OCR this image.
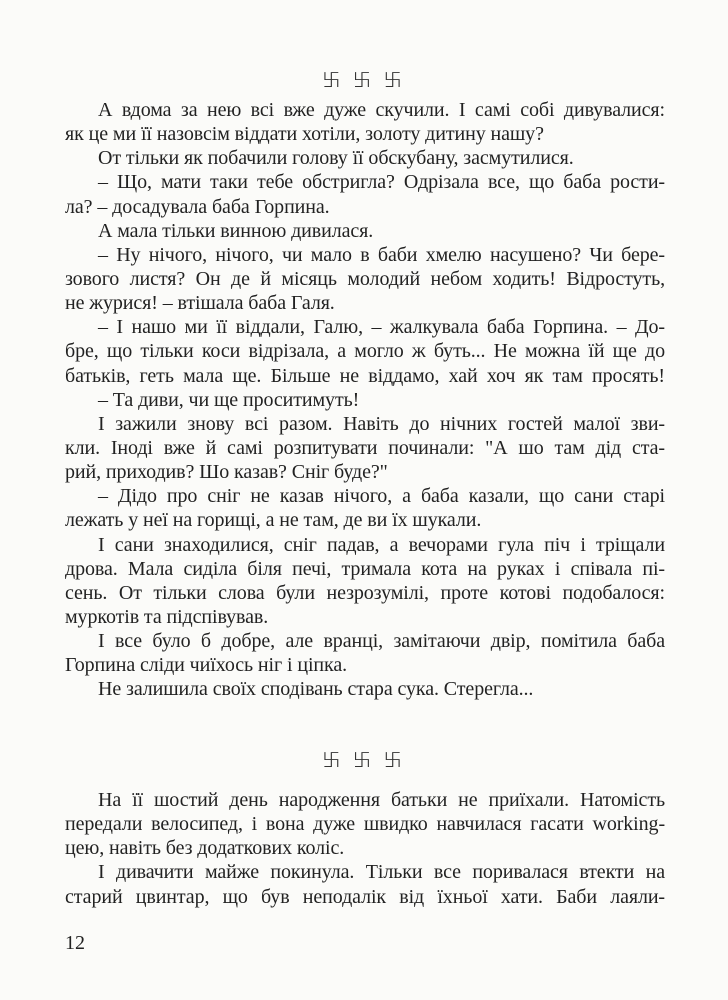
࿕ ࿕ ࿕
А вдома за нею всі вже дуже скучили. І самі собі дивувалися:
як це ми її назовсім віддати хотіли, золоту дитину нашу?
От тільки як побачили голову її обскубану, засмутилися.
– Що, мати таки тебе обстригла? Одрізала все, що баба рости-
ла? – досадувала баба Горпина.
А мала тільки винною дивилася.
– Ну нічого, нічого, чи мало в баби хмелю насушено? Чи бере-
зового листя? Он де й місяць молодий небом ходить! Відростуть,
не журися! – втішала баба Галя.
– І нашо ми її віддали, Галю, – жалкувала баба Горпина. – До-
бре, що тільки коси відрізала, а могло ж буть... Не можна їй ще до
батьків, геть мала ще. Більше не віддамо, хай хоч як там просять!
– Та диви, чи ще проситимуть!
І зажили знову всі разом. Навіть до нічних гостей малої зви-
кли. Іноді вже й самі розпитувати починали: "А шо там дід ста-
рий, приходив? Шо казав? Сніг буде?"
– Дідо про сніг не казав нічого, а баба казали, що сани старі
лежать у неї на горищі, а не там, де ви їх шукали.
І сани знаходилися, сніг падав, а вечорами гула піч і тріщали
дрова. Мала сиділа біля печі, тримала кота на руках і співала пі-
сень. От тільки слова були незрозумілі, проте котові подобалося:
муркотів та підспівував.
І все було б добре, але вранці, замітаючи двір, помітила баба
Горпина сліди чиїхось ніг і ціпка.
Не залишила своїх сподівань стара сука. Стерегла...
࿕ ࿕ ࿕
На її шостий день народження батьки не приїхали. Натомість
передали велосипед, і вона дуже швидко навчилася гасати working-
цею, навіть без додаткових коліс.
І дивачити майже покинула. Тільки все поривалася втекти на
старий цвинтар, що був неподалік від їхньої хати. Баби лаяли-
12
